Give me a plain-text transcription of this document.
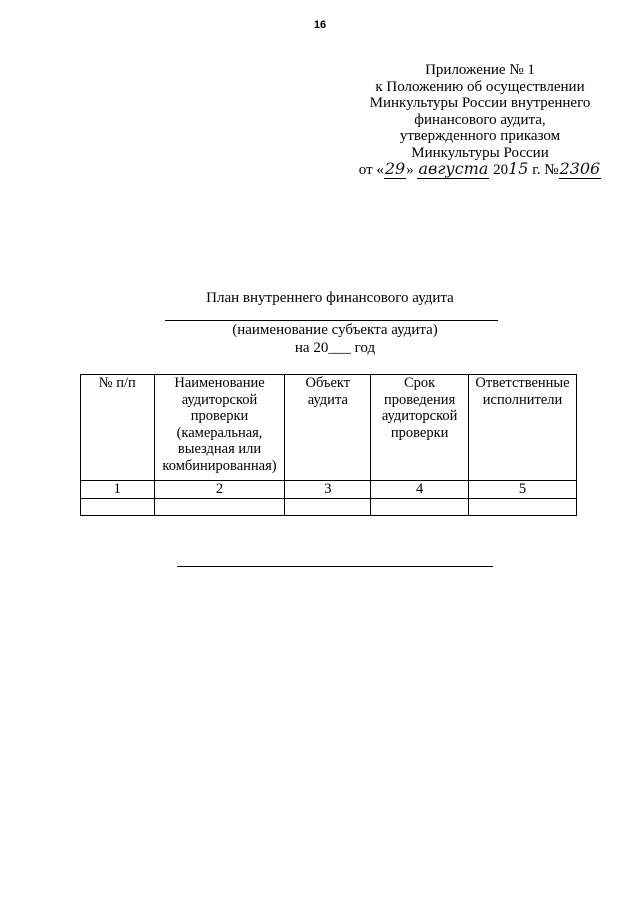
16
Приложение № 1
к Положению об осуществлении
Минкультуры России внутреннего
финансового аудита,
утвержденного приказом
Минкультуры России
от «29» августа 2015 г. №2306
План внутреннего финансового аудита
(наименование субъекта аудита)
на 20___ год
№ п/п	Наименование аудиторской проверки (камеральная, выездная или комбинированная)	Объект аудита	Срок проведения аудиторской проверки	Ответственные исполнители
1	2	3	4	5
